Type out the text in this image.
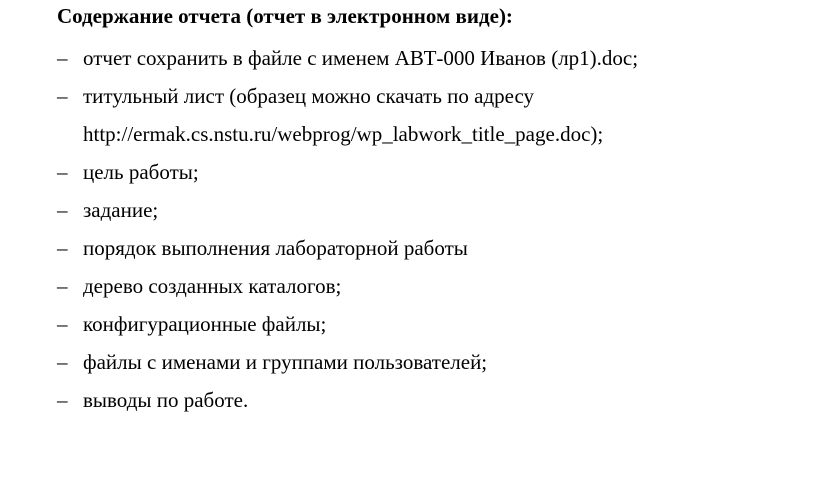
Содержание отчета (отчет в электронном виде):
– отчет сохранить в файле с именем АВТ-000 Иванов (лр1).doc;
– титульный лист (образец можно скачать по адресу
http://ermak.cs.nstu.ru/webprog/wp_labwork_title_page.doc);
– цель работы;
– задание;
– порядок выполнения лабораторной работы
– дерево созданных каталогов;
– конфигурационные файлы;
– файлы с именами и группами пользователей;
– выводы по работе.
